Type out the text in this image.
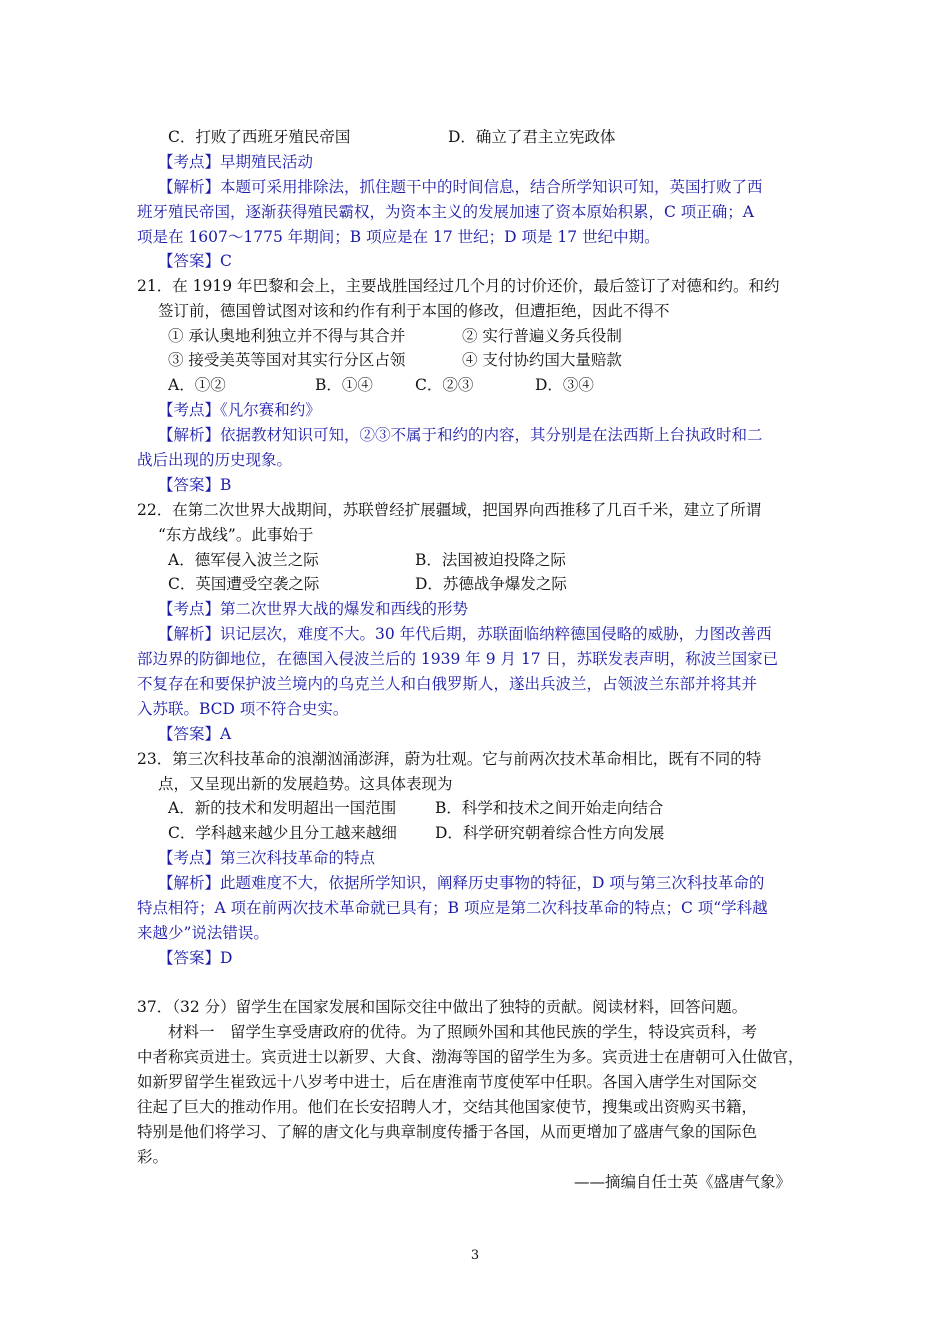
C．打败了西班牙殖民帝国	D．确立了君主立宪政体
【考点】早期殖民活动
【解析】本题可采用排除法，抓住题干中的时间信息，结合所学知识可知，英国打败了西
班牙殖民帝国，逐渐获得殖民霸权，为资本主义的发展加速了资本原始积累，C 项正确；A
项是在 1607～1775 年期间；B 项应是在 17 世纪；D 项是 17 世纪中期。
【答案】C
21．在 1919 年巴黎和会上，主要战胜国经过几个月的讨价还价，最后签订了对德和约。和约
签订前，德国曾试图对该和约作有利于本国的修改，但遭拒绝，因此不得不
① 承认奥地利独立并不得与其合并	② 实行普遍义务兵役制
③ 接受美英等国对其实行分区占领	④ 支付协约国大量赔款
A．①②	B．①④	C．②③	D．③④
【考点】《凡尔赛和约》
【解析】依据教材知识可知，②③不属于和约的内容，其分别是在法西斯上台执政时和二
战后出现的历史现象。
【答案】B
22．在第二次世界大战期间，苏联曾经扩展疆域，把国界向西推移了几百千米，建立了所谓
“东方战线”。此事始于
A．德军侵入波兰之际	B．法国被迫投降之际
C．英国遭受空袭之际	D．苏德战争爆发之际
【考点】第二次世界大战的爆发和西线的形势
【解析】识记层次，难度不大。30 年代后期，苏联面临纳粹德国侵略的威胁，力图改善西
部边界的防御地位，在德国入侵波兰后的 1939 年 9 月 17 日，苏联发表声明，称波兰国家已
不复存在和要保护波兰境内的乌克兰人和白俄罗斯人，遂出兵波兰，占领波兰东部并将其并
入苏联。BCD 项不符合史实。
【答案】A
23．第三次科技革命的浪潮汹涌澎湃，蔚为壮观。它与前两次技术革命相比，既有不同的特
点，又呈现出新的发展趋势。这具体表现为
A．新的技术和发明超出一国范围	B．科学和技术之间开始走向结合
C．学科越来越少且分工越来越细 D．科学研究朝着综合性方向发展
【考点】第三次科技革命的特点
【解析】此题难度不大，依据所学知识，阐释历史事物的特征，D 项与第三次科技革命的
特点相符；A 项在前两次技术革命就已具有；B 项应是第二次科技革命的特点；C 项“学科越
来越少”说法错误。
【答案】D
37．（32 分）留学生在国家发展和国际交往中做出了独特的贡献。阅读材料，回答问题。
材料一　留学生享受唐政府的优待。为了照顾外国和其他民族的学生，特设宾贡科，考
中者称宾贡进士。宾贡进士以新罗、大食、渤海等国的留学生为多。宾贡进士在唐朝可入仕做官，
如新罗留学生崔致远十八岁考中进士，后在唐淮南节度使军中任职。各国入唐学生对国际交
往起了巨大的推动作用。他们在长安招聘人才，交结其他国家使节，搜集或出资购买书籍，
特别是他们将学习、了解的唐文化与典章制度传播于各国，从而更增加了盛唐气象的国际色
彩。
——摘编自任士英《盛唐气象》
3
